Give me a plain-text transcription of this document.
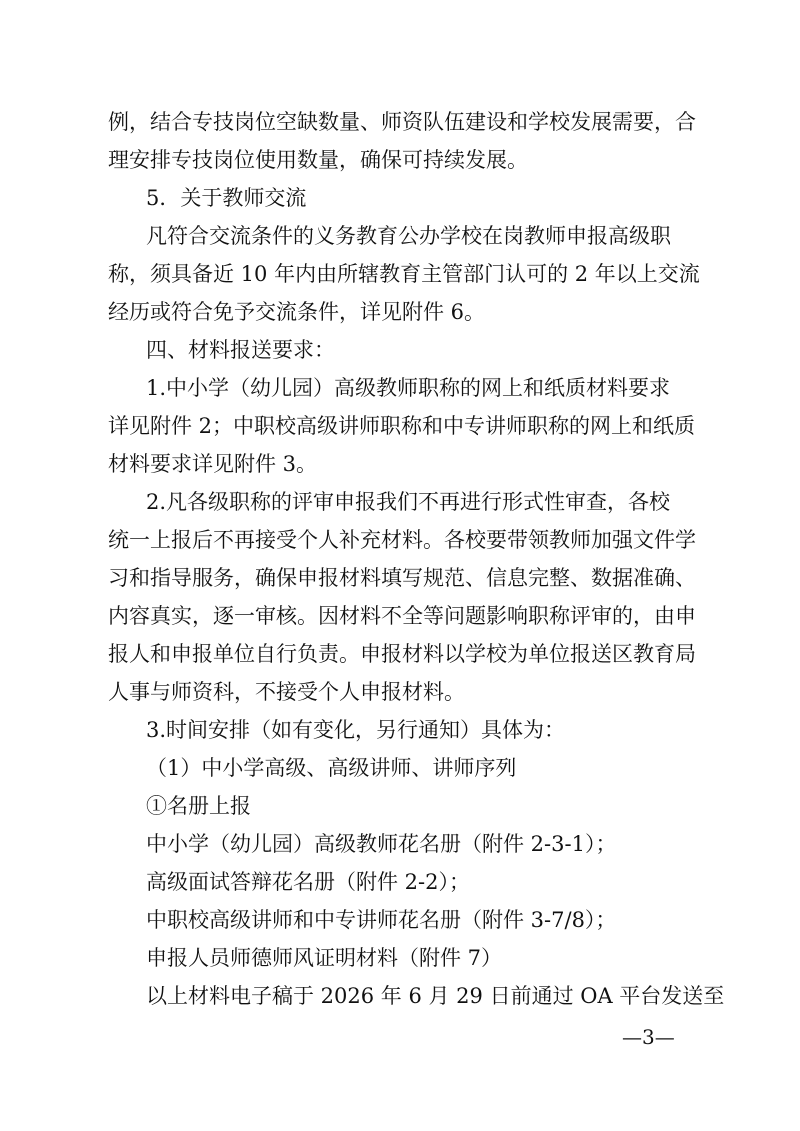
例，结合专技岗位空缺数量、师资队伍建设和学校发展需要，合
理安排专技岗位使用数量，确保可持续发展。
5．关于教师交流
凡符合交流条件的义务教育公办学校在岗教师申报高级职
称，须具备近 10 年内由所辖教育主管部门认可的 2 年以上交流
经历或符合免予交流条件，详见附件 6。
四、材料报送要求：
1.中小学（幼儿园）高级教师职称的网上和纸质材料要求
详见附件 2；中职校高级讲师职称和中专讲师职称的网上和纸质
材料要求详见附件 3。
2.凡各级职称的评审申报我们不再进行形式性审查，各校
统一上报后不再接受个人补充材料。各校要带领教师加强文件学
习和指导服务，确保申报材料填写规范、信息完整、数据准确、
内容真实，逐一审核。因材料不全等问题影响职称评审的，由申
报人和申报单位自行负责。申报材料以学校为单位报送区教育局
人事与师资科，不接受个人申报材料。
3.时间安排（如有变化，另行通知）具体为：
（1）中小学高级、高级讲师、讲师序列
①名册上报
中小学（幼儿园）高级教师花名册（附件 2-3-1）；
高级面试答辩花名册（附件 2-2）；
中职校高级讲师和中专讲师花名册（附件 3-7/8）；
申报人员师德师风证明材料（附件 7）
以上材料电子稿于 2026 年 6 月 29 日前通过 OA 平台发送至
—3—
